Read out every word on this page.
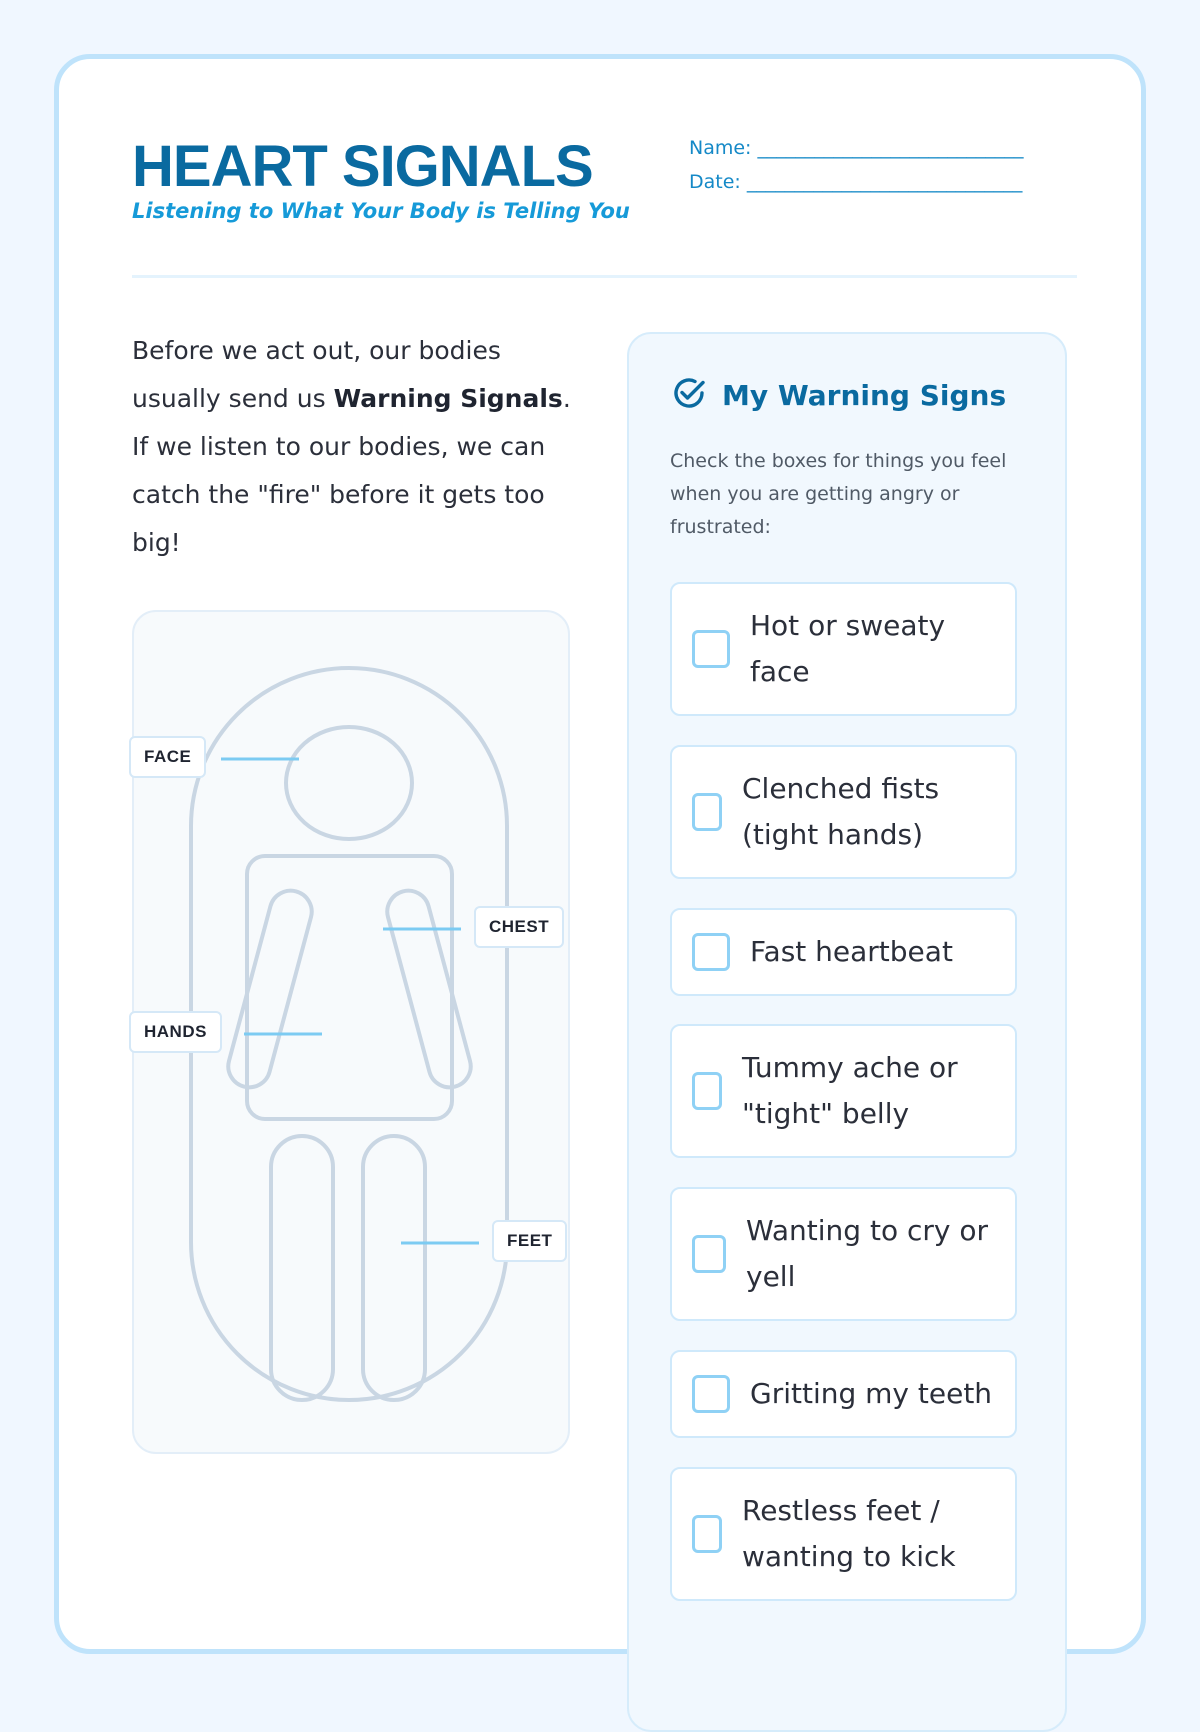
HEART SIGNALS
Listening to What Your Body is Telling You
Name: ____________________________
Date: _____________________________

Before we act out, our bodies usually send us Warning Signals. If we listen to our bodies, we can catch the "fire" before it gets too big!

FACE
CHEST
HANDS
FEET
My Warning Signs

Check the boxes for things you feel when you are getting angry or frustrated:

Hot or sweaty face
Clenched fists (tight hands)
Fast heartbeat
Tummy ache or "tight" belly
Wanting to cry or yell
Gritting my teeth
Restless feet / wanting to kick
